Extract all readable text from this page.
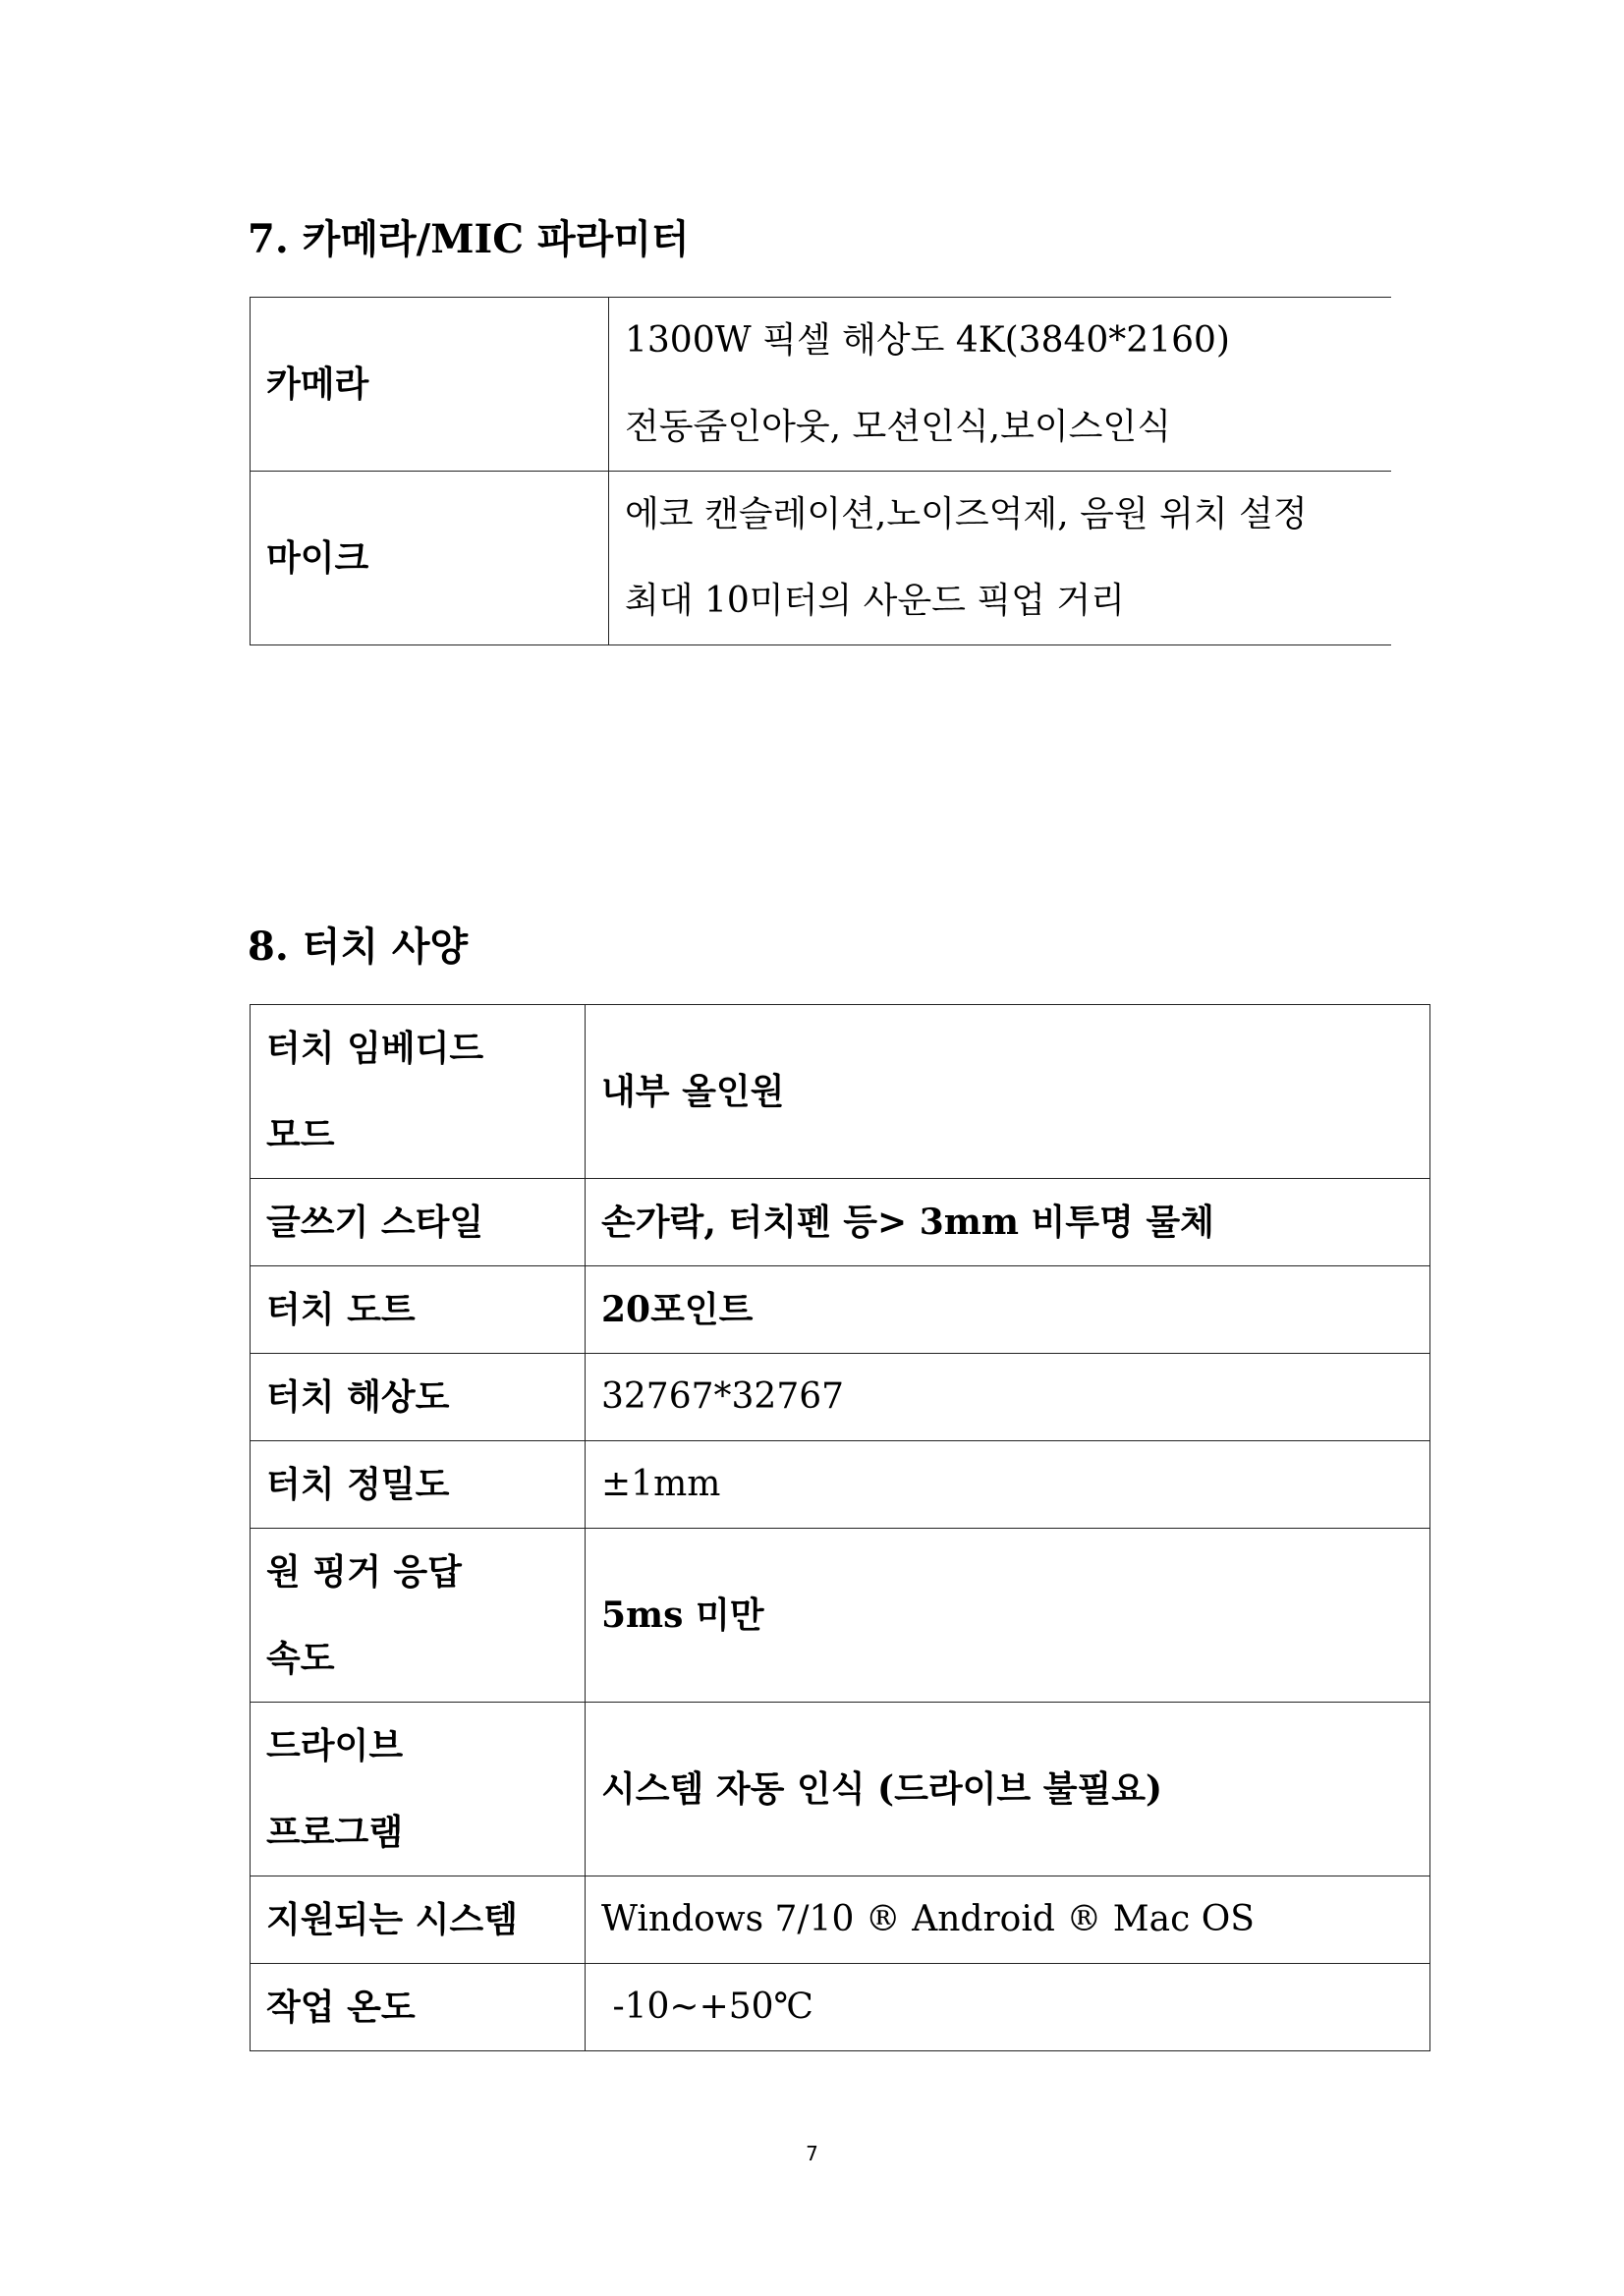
7. 카메라/MIC 파라미터
카메라	1300W 픽셀 해상도 4K(3840*2160)
전동줌인아웃, 모션인식,보이스인식

마이크	에코 캔슬레이션,노이즈억제, 음원 위치 설정
최대 10미터의 사운드 픽업 거리
8. 터치 사양
터치 임베디드
모드	내부 올인원
글쓰기 스타일	손가락, 터치펜 등> 3mm 비투명 물체
터치 도트	20포인트
터치 해상도	32767*32767
터치 정밀도	±1mm

원 핑거 응답
속도	5ms 미만

드라이브
프로그램	시스템 자동 인식 (드라이브 불필요)
지원되는 시스템	Windows 7/10 ® Android ® Mac OS
작업 온도	-10~+50℃
7
